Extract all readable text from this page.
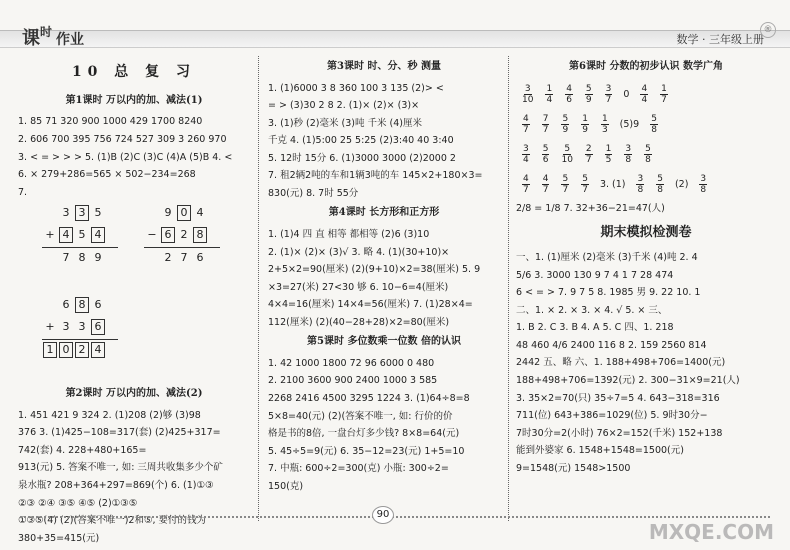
课$^时$ 作业	数学 · 三年级上册
®
10 总 复 习
第1课时 万以内的加、减法(1)
1. 85 71 320 900 1000 429 1700 8240
2. 606 700 395 756 724 527 309 3 260 970
3. < = > > > 5. (1)B (2)C (3)C (4)A (5)B 4. <
6. × 279+286=565 × 502−234=268
7.
3 3 5
+ 4 5 4
7 8 9
9 0 4
− 6 2 8
2 7 6
6 8 6
+ 3 3 6
1 0 2 4
第2课时 万以内的加、减法(2)
1. 451 421 9 324 2. (1)208 (2)够 (3)98
376 3. (1)425−108=317(套) (2)425+317=
742(套) 4. 228+480+165=
913(元) 5. 答案不唯一, 如: 三周共收集多少个矿
泉水瓶? 208+364+297=869(个) 6. (1)①③
②③ ②④ ③⑤ ④⑤ (2)①③⑤
①③⑤(4) (2)(答案不唯一)2和⑤, 要付的钱为
380+35=415(元)
第3课时 时、分、秒 测量
1. (1)6000 3 8 360 100 3 135 (2)> <
= > (3)30 2 8 2. (1)× (2)× (3)×
3. (1)秒 (2)毫米 (3)吨 千米 (4)厘米
千克 4. (1)5:00 25 5:25 (2)3:40 40 3:40
5. 12时 15分 6. (1)3000 3000 (2)2000 2
7. 租2辆2吨的车和1辆3吨的车 145×2+180×3=
830(元) 8. 7时 55分
第4课时 长方形和正方形
1. (1)4 四 直 相等 都相等 (2)6 (3)10
2. (1)× (2)× (3)√ 3. 略 4. (1)(30+10)×
2+5×2=90(厘米) (2)(9+10)×2=38(厘米) 5. 9
×3=27(米) 27<30 够 6. 10−6=4(厘米)
4×4=16(厘米) 14×4=56(厘米) 7. (1)28×4=
112(厘米) (2)(40−28+28)×2=80(厘米)
第5课时 多位数乘一位数 倍的认识
1. 42 1000 1800 72 96 6000 0 480
2. 2100 3600 900 2400 1000 3 585
2268 2416 4500 3295 1224 3. (1)64÷8=8
5×8=40(元) (2)(答案不唯一, 如: 行价的价
格是书的8倍, 一盘台灯多少钱? 8×8=64(元)
5. 45÷5=9(元) 6. 35−12=23(元) 1+5=10
7. 中瓶: 600÷2=300(克) 小瓶: 300÷2=
150(克)
第6课时 分数的初步认识 数学广角
$\frac{3}{10} \frac{1}{4} \frac{4}{6} \frac{5}{9} \frac{3}{7} 0 \frac{4}{4} \frac{1}{7}$
$\frac{4}{7} \frac{7}{7} \frac{5}{9} \frac{1}{9} \frac{1}{3} (5)9 \frac{5}{8}$
$\frac{3}{4} \frac{5}{6} \frac{5}{10} \frac{2}{7} \frac{1}{5} \frac{3}{8} \frac{5}{8}$
$\frac{4}{7} \frac{4}{7} \frac{5}{7} \frac{5}{7} 3$. $(1) \frac{3}{8} \frac{5}{8} (2) \frac{3}{8}$
2/8 = 1/8 7. 32+36−21=47(人)
期末模拟检测卷
一、1. (1)厘米 (2)毫米 (3)千米 (4)吨 2. 4
5/6 3. 3000 130 9 7 4 1 7 28 474
6 < = > 7. 9 7 5 8. 1985 男 9. 22 10. 1
二、1. × 2. × 3. × 4. √ 5. × 三、
1. B 2. C 3. B 4. A 5. C 四、1. 218
48 460 4/6 2400 116 8 2. 159 2560 814
2442 五、略 六、1. 188+498+706=1400(元)
188+498+706=1392(元) 2. 300−31×9=21(人)
3. 35×2=70(只) 35÷7=5 4. 643−318=316
711(位) 643+386=1029(位) 5. 9时30分−
7时30分=2(小时) 76×2=152(千米) 152+138
能到外婆家 6. 1548+1548=1500(元)
9=1548(元) 1548>1500
90
MXQE.COM
